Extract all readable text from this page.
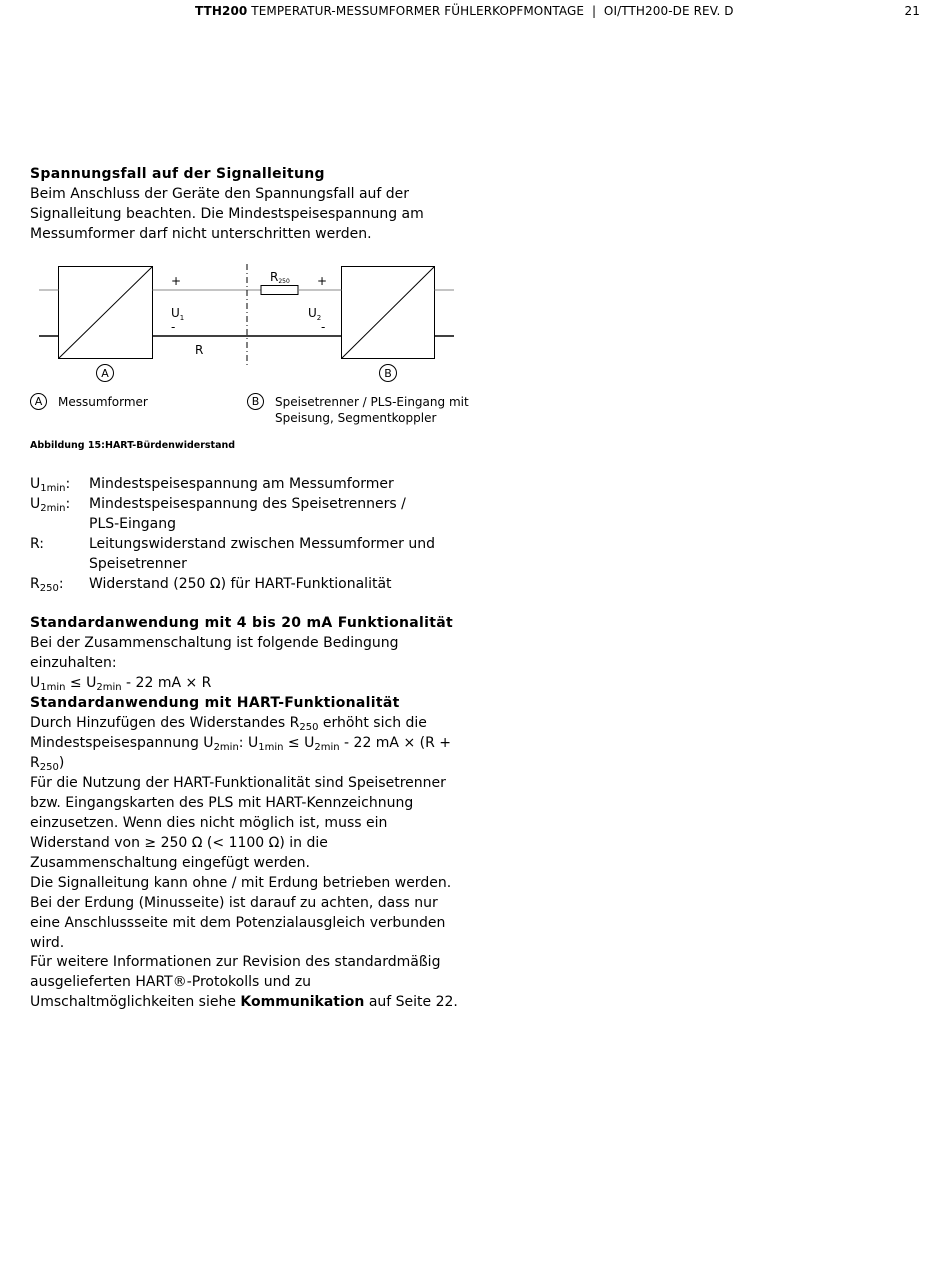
TTH200 TEMPERATUR-MESSUMFORMER FÜHLERKOPFMONTAGE  |  OI/TTH200-DE REV. D	21
Spannungsfall auf der Signalleitung

Beim Anschluss der Geräte den Spannungsfall auf der Signalleitung beachten. Die Mindestspeisespannung am Messumformer darf nicht unterschritten werden.

+
-
$U_1$
R
R250 +
-
$U_2$
A	B
A Messumformer	B Speisetrenner / PLS-Eingang mit Speisung, Segmentkoppler
Abbildung 15:HART-Bürdenwiderstand
$U_{1min}$:	Mindestspeisespannung am Messumformer
$U_{2min}$:	Mindestspeisespannung des Speisetrenners / PLS-Eingang
R:	Leitungswiderstand zwischen Messumformer und Speisetrenner
$R_{250}$:	Widerstand (250 Ω) für HART-Funktionalität
Standardanwendung mit 4 bis 20 mA Funktionalität

Bei der Zusammenschaltung ist folgende Bedingung einzuhalten:

$U_{1min} \le U_{2min} - 22$ mA × R

Standardanwendung mit HART-Funktionalität

Durch Hinzufügen des Widerstandes $R_{250}$ erhöht sich die

Mindestspeisespannung $U_{2min}$: $U_{1min} \le U_{2min} - 22$ mA × $(R + R_{250})$

Für die Nutzung der HART-Funktionalität sind Speisetrenner bzw. Eingangskarten des PLS mit HART-Kennzeichnung einzusetzen. Wenn dies nicht möglich ist, muss ein Widerstand von ≥ 250 Ω (< 1100 Ω) in die Zusammenschaltung eingefügt werden.

Die Signalleitung kann ohne / mit Erdung betrieben werden. Bei der Erdung (Minusseite) ist darauf zu achten, dass nur eine Anschlussseite mit dem Potenzialausgleich verbunden wird.

Für weitere Informationen zur Revision des standardmäßig ausgelieferten HART®-Protokolls und zu Umschaltmöglichkeiten siehe Kommunikation auf Seite 22.
